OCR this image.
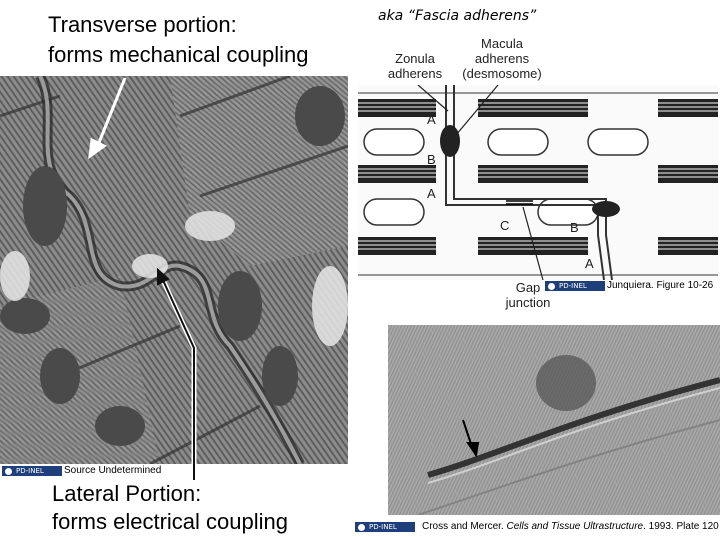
Transverse portion:
forms mechanical coupling
aka “Fascia adherens”
PD-INEL Source Undetermined
Lateral Portion:
forms electrical coupling
Zonula
adherens
Macula
adherens
(desmosome)
A
B
A
C	B
A
Gap
junction
PD-INEL Junquiera. Figure 10-26
PD-INEL	Cross and Mercer. Cells and Tissue Ultrastructure. 1993. Plate 120
